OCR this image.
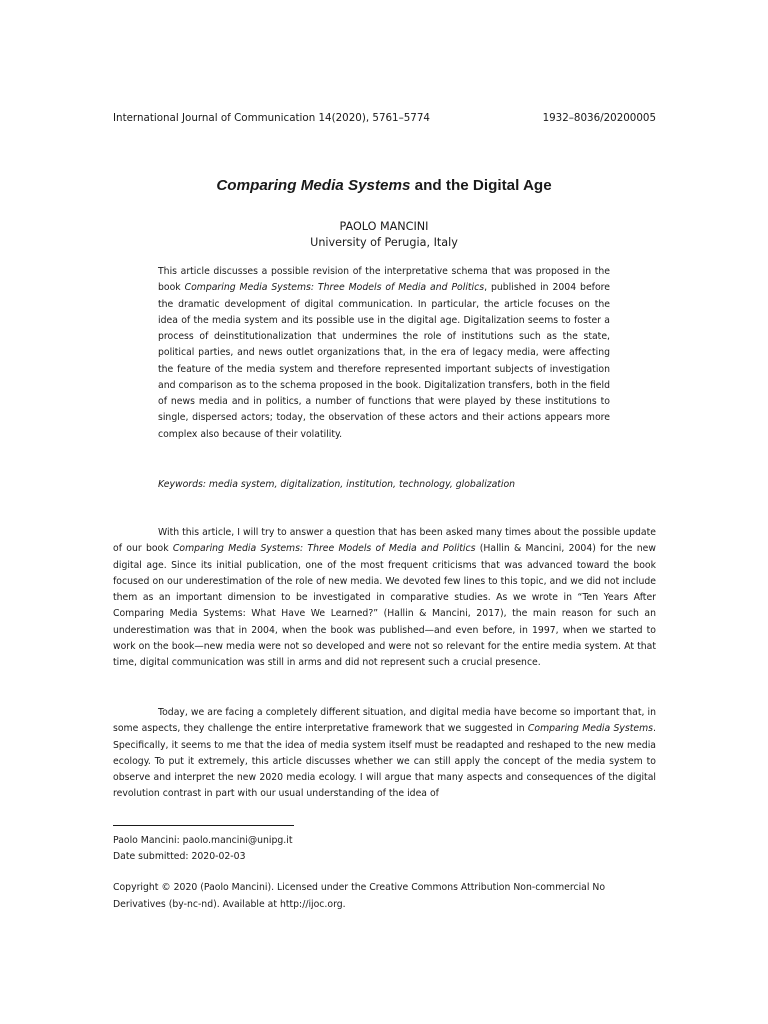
International Journal of Communication 14(2020), 5761–5774	1932–8036/20200005
Comparing Media Systems and the Digital Age
PAOLO MANCINI
University of Perugia, Italy
This article discusses a possible revision of the interpretative schema that was proposed in the book Comparing Media Systems: Three Models of Media and Politics, published in 2004 before the dramatic development of digital communication. In particular, the article focuses on the idea of the media system and its possible use in the digital age. Digitalization seems to foster a process of deinstitutionalization that undermines the role of institutions such as the state, political parties, and news outlet organizations that, in the era of legacy media, were affecting the feature of the media system and therefore represented important subjects of investigation and comparison as to the schema proposed in the book. Digitalization transfers, both in the field of news media and in politics, a number of functions that were played by these institutions to single, dispersed actors; today, the observation of these actors and their actions appears more complex also because of their volatility.
Keywords: media system, digitalization, institution, technology, globalization
With this article, I will try to answer a question that has been asked many times about the possible update of our book Comparing Media Systems: Three Models of Media and Politics (Hallin & Mancini, 2004) for the new digital age. Since its initial publication, one of the most frequent criticisms that was advanced toward the book focused on our underestimation of the role of new media. We devoted few lines to this topic, and we did not include them as an important dimension to be investigated in comparative studies. As we wrote in “Ten Years After Comparing Media Systems: What Have We Learned?” (Hallin & Mancini, 2017), the main reason for such an underestimation was that in 2004, when the book was published—and even before, in 1997, when we started to work on the book—new media were not so developed and were not so relevant for the entire media system. At that time, digital communication was still in arms and did not represent such a crucial presence.
Today, we are facing a completely different situation, and digital media have become so important that, in some aspects, they challenge the entire interpretative framework that we suggested in Comparing Media Systems. Specifically, it seems to me that the idea of media system itself must be readapted and reshaped to the new media ecology. To put it extremely, this article discusses whether we can still apply the concept of the media system to observe and interpret the new 2020 media ecology. I will argue that many aspects and consequences of the digital revolution contrast in part with our usual understanding of the idea of
Paolo Mancini: paolo.mancini@unipg.it
Date submitted: 2020-02-03
Copyright © 2020 (Paolo Mancini). Licensed under the Creative Commons Attribution Non-commercial No Derivatives (by-nc-nd). Available at http://ijoc.org.
